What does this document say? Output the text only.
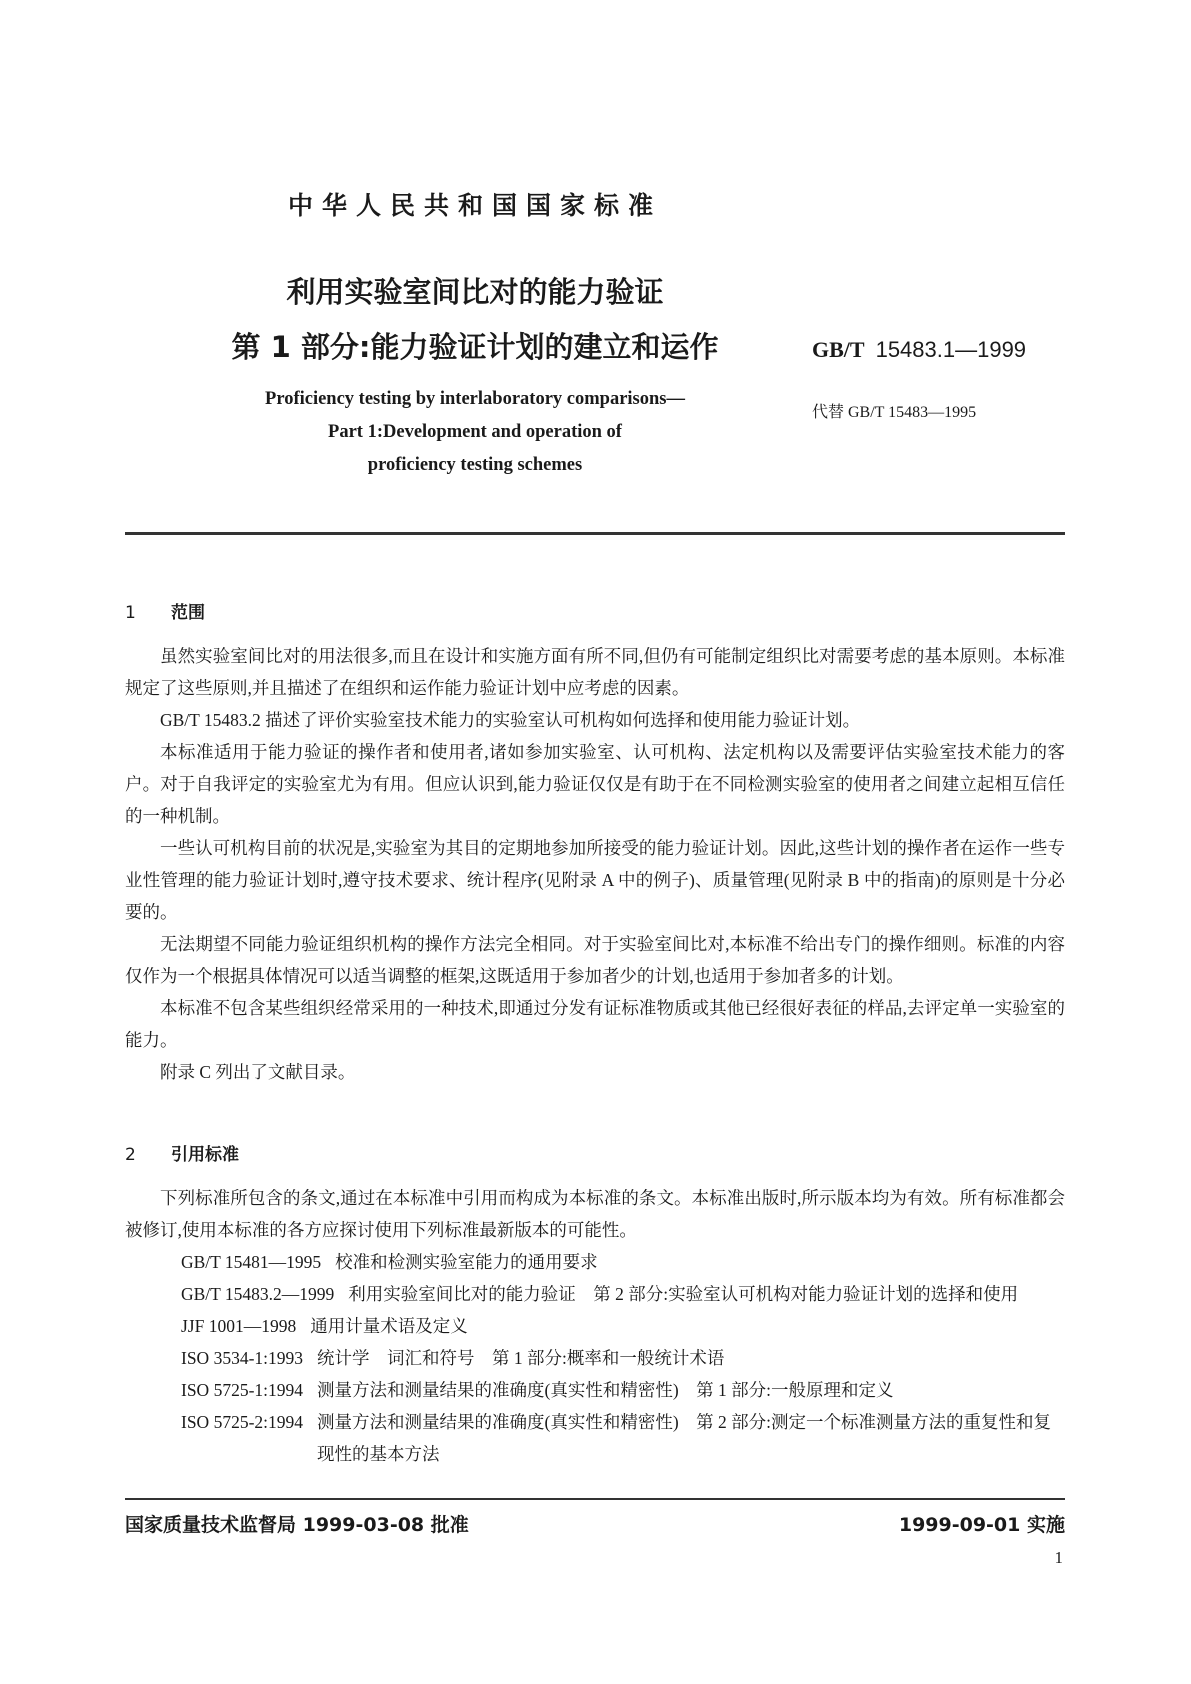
中华人民共和国国家标准
利用实验室间比对的能力验证
第 1 部分:能力验证计划的建立和运作	GB/T 15483.1—1999
代替 GB/T 15483—1995
Proficiency testing by interlaboratory comparisons—
Part 1:Development and operation of
proficiency testing schemes
1 范围

虽然实验室间比对的用法很多,而且在设计和实施方面有所不同,但仍有可能制定组织比对需要考虑的基本原则。本标准规定了这些原则,并且描述了在组织和运作能力验证计划中应考虑的因素。

GB/T 15483.2 描述了评价实验室技术能力的实验室认可机构如何选择和使用能力验证计划。

本标准适用于能力验证的操作者和使用者,诸如参加实验室、认可机构、法定机构以及需要评估实验室技术能力的客户。对于自我评定的实验室尤为有用。但应认识到,能力验证仅仅是有助于在不同检测实验室的使用者之间建立起相互信任的一种机制。

一些认可机构目前的状况是,实验室为其目的定期地参加所接受的能力验证计划。因此,这些计划的操作者在运作一些专业性管理的能力验证计划时,遵守技术要求、统计程序(见附录 A 中的例子)、质量管理(见附录 B 中的指南)的原则是十分必要的。

无法期望不同能力验证组织机构的操作方法完全相同。对于实验室间比对,本标准不给出专门的操作细则。标准的内容仅作为一个根据具体情况可以适当调整的框架,这既适用于参加者少的计划,也适用于参加者多的计划。

本标准不包含某些组织经常采用的一种技术,即通过分发有证标准物质或其他已经很好表征的样品,去评定单一实验室的能力。

附录 C 列出了文献目录。

2 引用标准

下列标准所包含的条文,通过在本标准中引用而构成为本标准的条文。本标准出版时,所示版本均为有效。所有标准都会被修订,使用本标准的各方应探讨使用下列标准最新版本的可能性。

GB/T 15481—1995 校准和检测实验室能力的通用要求
GB/T 15483.2—1999 利用实验室间比对的能力验证　第 2 部分:实验室认可机构对能力验证计划的选择和使用
JJF 1001—1998 通用计量术语及定义
ISO 3534-1:1993 统计学　词汇和符号　第 1 部分:概率和一般统计术语
ISO 5725-1:1994 测量方法和测量结果的准确度(真实性和精密性)　第 1 部分:一般原理和定义
ISO 5725-2:1994 测量方法和测量结果的准确度(真实性和精密性)　第 2 部分:测定一个标准测量方法的重复性和复现性的基本方法
国家质量技术监督局 1999-03-08 批准	1999-09-01 实施
1
